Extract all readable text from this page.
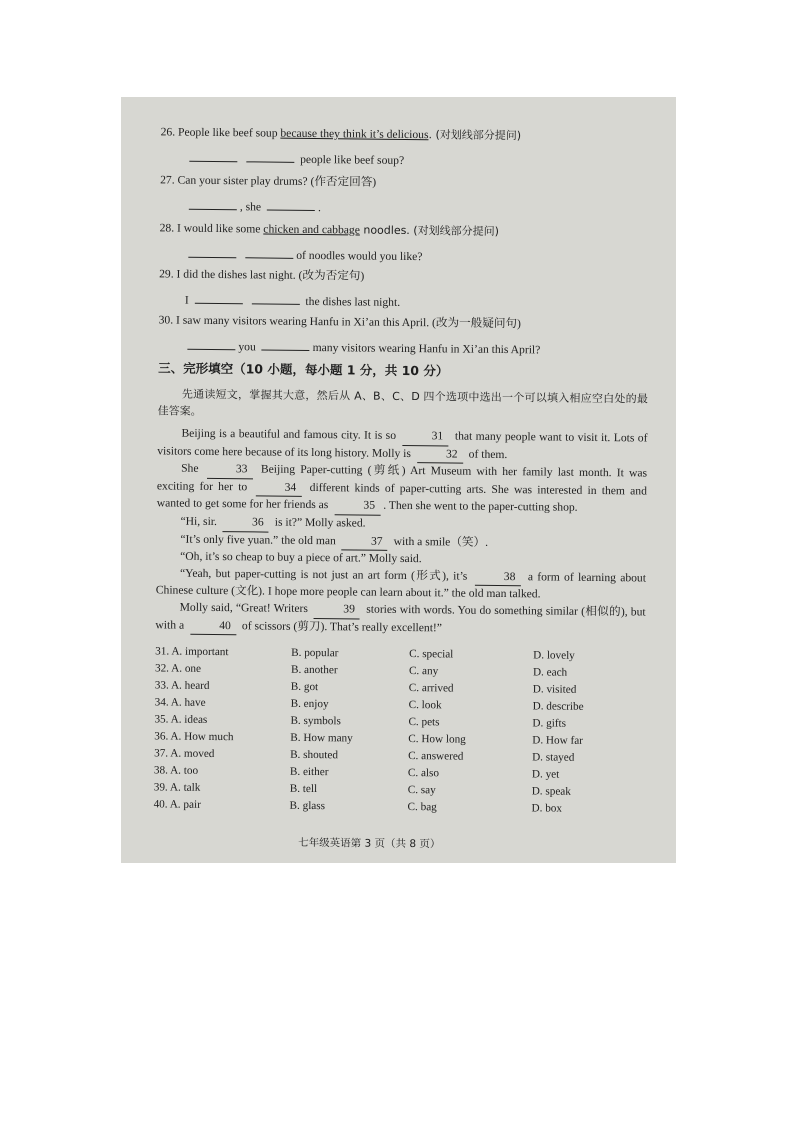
26. People like beef soup because they think it’s delicious. (对划线部分提问)
people like beef soup?
27. Can your sister play drums? (作否定回答)
, she	.
28. I would like some chicken and cabbage noodles. (对划线部分提问)
of noodles would you like?
29. I did the dishes last night. (改为否定句)
I	the dishes last night.
30. I saw many visitors wearing Hanfu in Xi’an this April. (改为一般疑问句)
you	many visitors wearing Hanfu in Xi’an this April?
三、完形填空（10 小题，每小题 1 分，共 10 分）

先通读短文，掌握其大意，然后从 A、B、C、D 四个选项中选出一个可以填入相应空白处的最佳答案。

Beijing is a beautiful and famous city. It is so	31 that many people want to visit it. Lots of visitors come here because of its long history. Molly is	32 of them.

She	33 Beijing Paper-cutting (剪纸) Art Museum with her family last month. It was exciting for her to	34 different kinds of paper-cutting arts. She was interested in them and wanted to get some for her friends as	35 . Then she went to the paper-cutting shop.

“Hi, sir.	36 is it?” Molly asked.

“It’s only five yuan.” the old man	37 with a smile（笑）.

“Oh, it’s so cheap to buy a piece of art.” Molly said.

“Yeah, but paper-cutting is not just an art form (形式), it’s	38 a form of learning about Chinese culture (文化). I hope more people can learn about it.” the old man talked.

Molly said, “Great! Writers	39 stories with words. You do something similar (相似的), but with a	40 of scissors (剪刀). That’s really excellent!”

31. A. important	B. popular	C. special	D. lovely
32. A. one	B. another	C. any	D. each
33. A. heard	B. got	C. arrived	D. visited
34. A. have	B. enjoy	C. look	D. describe
35. A. ideas	B. symbols	C. pets	D. gifts
36. A. How much	B. How many	C. How long	D. How far
37. A. moved	B. shouted	C. answered	D. stayed
38. A. too	B. either	C. also	D. yet
39. A. talk	B. tell	C. say	D. speak
40. A. pair	B. glass	C. bag	D. box
七年级英语第 3 页（共 8 页）
